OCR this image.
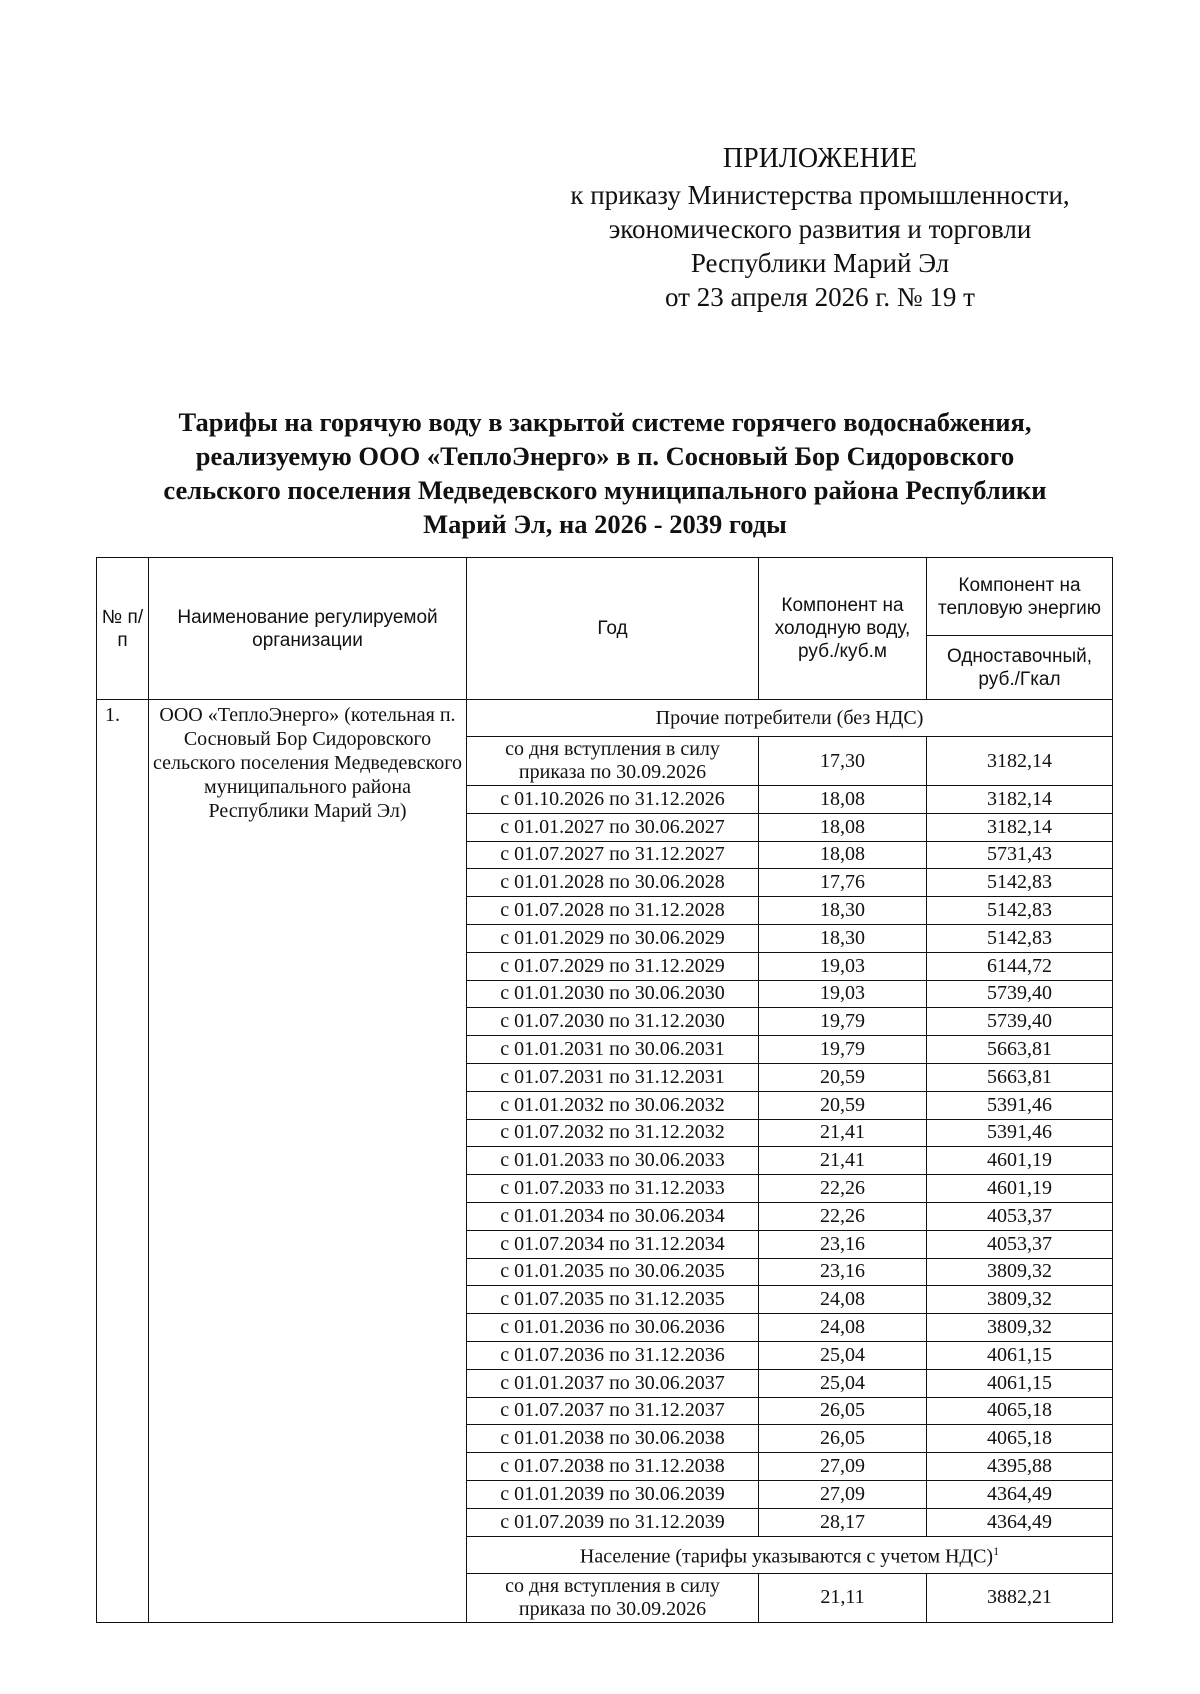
ПРИЛОЖЕНИЕ
к приказу Министерства промышленности,
экономического развития и торговли
Республики Марий Эл
от 23 апреля 2026 г. № 19 т
Тарифы на горячую воду в закрытой системе горячего водоснабжения,
реализуемую ООО «ТеплоЭнерго» в п. Сосновый Бор Сидоровского
сельского поселения Медведевского муниципального района Республики
Марий Эл, на 2026 - 2039 годы
№ п/п	Наименование регулируемой организации	Год	Компонент на холодную воду, руб./куб.м	Компонент на тепловую энергию
				Одноставочный, руб./Гкал
1.	ООО «ТеплоЭнерго» (котельная п. Сосновый Бор Сидоровского сельского поселения Медведевского муниципального района Республики Марий Эл)	Прочие потребители (без НДС)		
		со дня вступления в силу приказа по 30.09.2026	17,30	3182,14
		с 01.10.2026 по 31.12.2026	18,08	3182,14
		с 01.01.2027 по 30.06.2027	18,08	3182,14
		с 01.07.2027 по 31.12.2027	18,08	5731,43
		с 01.01.2028 по 30.06.2028	17,76	5142,83
		с 01.07.2028 по 31.12.2028	18,30	5142,83
		с 01.01.2029 по 30.06.2029	18,30	5142,83
		с 01.07.2029 по 31.12.2029	19,03	6144,72
		с 01.01.2030 по 30.06.2030	19,03	5739,40
		с 01.07.2030 по 31.12.2030	19,79	5739,40
		с 01.01.2031 по 30.06.2031	19,79	5663,81
		с 01.07.2031 по 31.12.2031	20,59	5663,81
		с 01.01.2032 по 30.06.2032	20,59	5391,46
		с 01.07.2032 по 31.12.2032	21,41	5391,46
		с 01.01.2033 по 30.06.2033	21,41	4601,19
		с 01.07.2033 по 31.12.2033	22,26	4601,19
		с 01.01.2034 по 30.06.2034	22,26	4053,37
		с 01.07.2034 по 31.12.2034	23,16	4053,37
		с 01.01.2035 по 30.06.2035	23,16	3809,32
		с 01.07.2035 по 31.12.2035	24,08	3809,32
		с 01.01.2036 по 30.06.2036	24,08	3809,32
		с 01.07.2036 по 31.12.2036	25,04	4061,15
		с 01.01.2037 по 30.06.2037	25,04	4061,15
		с 01.07.2037 по 31.12.2037	26,05	4065,18
		с 01.01.2038 по 30.06.2038	26,05	4065,18
		с 01.07.2038 по 31.12.2038	27,09	4395,88
		с 01.01.2039 по 30.06.2039	27,09	4364,49
		с 01.07.2039 по 31.12.2039	28,17	4364,49
		Население (тарифы указываются с учетом НДС)$^1$
		со дня вступления в силу приказа по 30.09.2026	21,11	3882,21
